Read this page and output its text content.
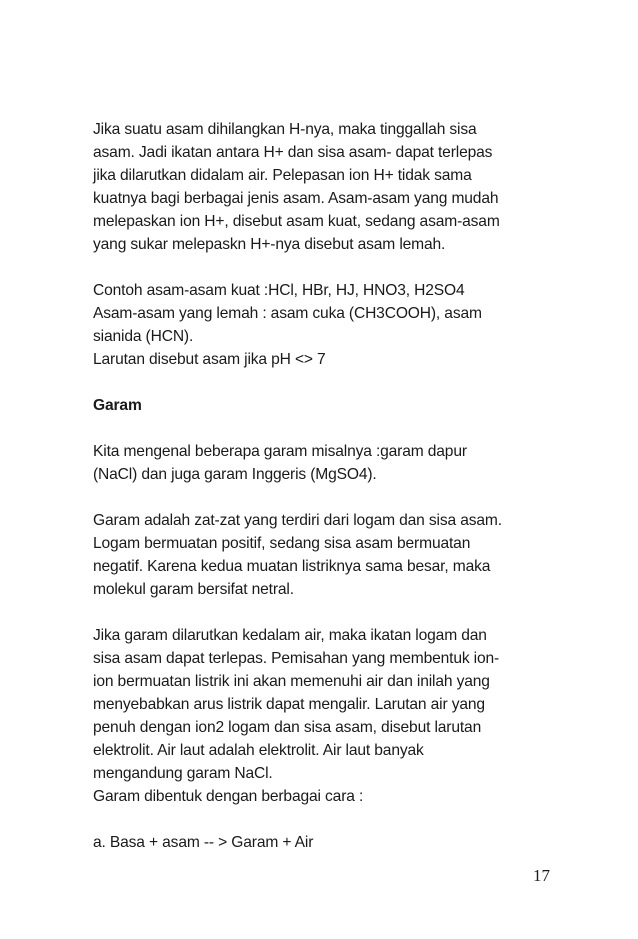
Jika suatu asam dihilangkan H-nya, maka tinggallah sisa
asam. Jadi ikatan antara H+ dan sisa asam- dapat terlepas
jika dilarutkan didalam air. Pelepasan ion H+ tidak sama
kuatnya bagi berbagai jenis asam. Asam-asam yang mudah
melepaskan ion H+, disebut asam kuat, sedang asam-asam
yang sukar melepaskn H+-nya disebut asam lemah.

Contoh asam-asam kuat :HCl, HBr, HJ, HNO3, H2SO4
Asam-asam yang lemah : asam cuka (CH3COOH), asam
sianida (HCN).
Larutan disebut asam jika pH <> 7

Garam

Kita mengenal beberapa garam misalnya :garam dapur
(NaCl) dan juga garam Inggeris (MgSO4).

Garam adalah zat-zat yang terdiri dari logam dan sisa asam.
Logam bermuatan positif, sedang sisa asam bermuatan
negatif. Karena kedua muatan listriknya sama besar, maka
molekul garam bersifat netral.

Jika garam dilarutkan kedalam air, maka ikatan logam dan
sisa asam dapat terlepas. Pemisahan yang membentuk ion-
ion bermuatan listrik ini akan memenuhi air dan inilah yang
menyebabkan arus listrik dapat mengalir. Larutan air yang
penuh dengan ion2 logam dan sisa asam, disebut larutan
elektrolit. Air laut adalah elektrolit. Air laut banyak
mengandung garam NaCl.
Garam dibentuk dengan berbagai cara :

a. Basa + asam -- > Garam + Air

17
